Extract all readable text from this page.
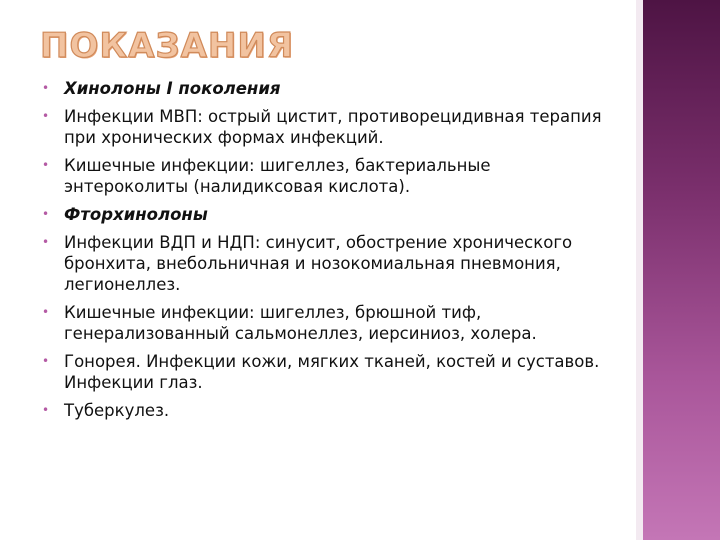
ПОКАЗАНИЯ
• Хинолоны I поколения
• Инфекции МВП: острый цистит, противорецидивная терапия при хронических формах инфекций.
• Кишечные инфекции: шигеллез, бактериальные энтероколиты (налидиксовая кислота).
• Фторхинолоны
• Инфекции ВДП и НДП: синусит, обострение хронического бронхита, внебольничная и нозокомиальная пневмония, легионеллез.
• Кишечные инфекции: шигеллез, брюшной тиф, генерализованный сальмонеллез, иерсиниоз, холера.
• Гонорея. Инфекции кожи, мягких тканей, костей и суставов. Инфекции глаз.
• Туберкулез.
